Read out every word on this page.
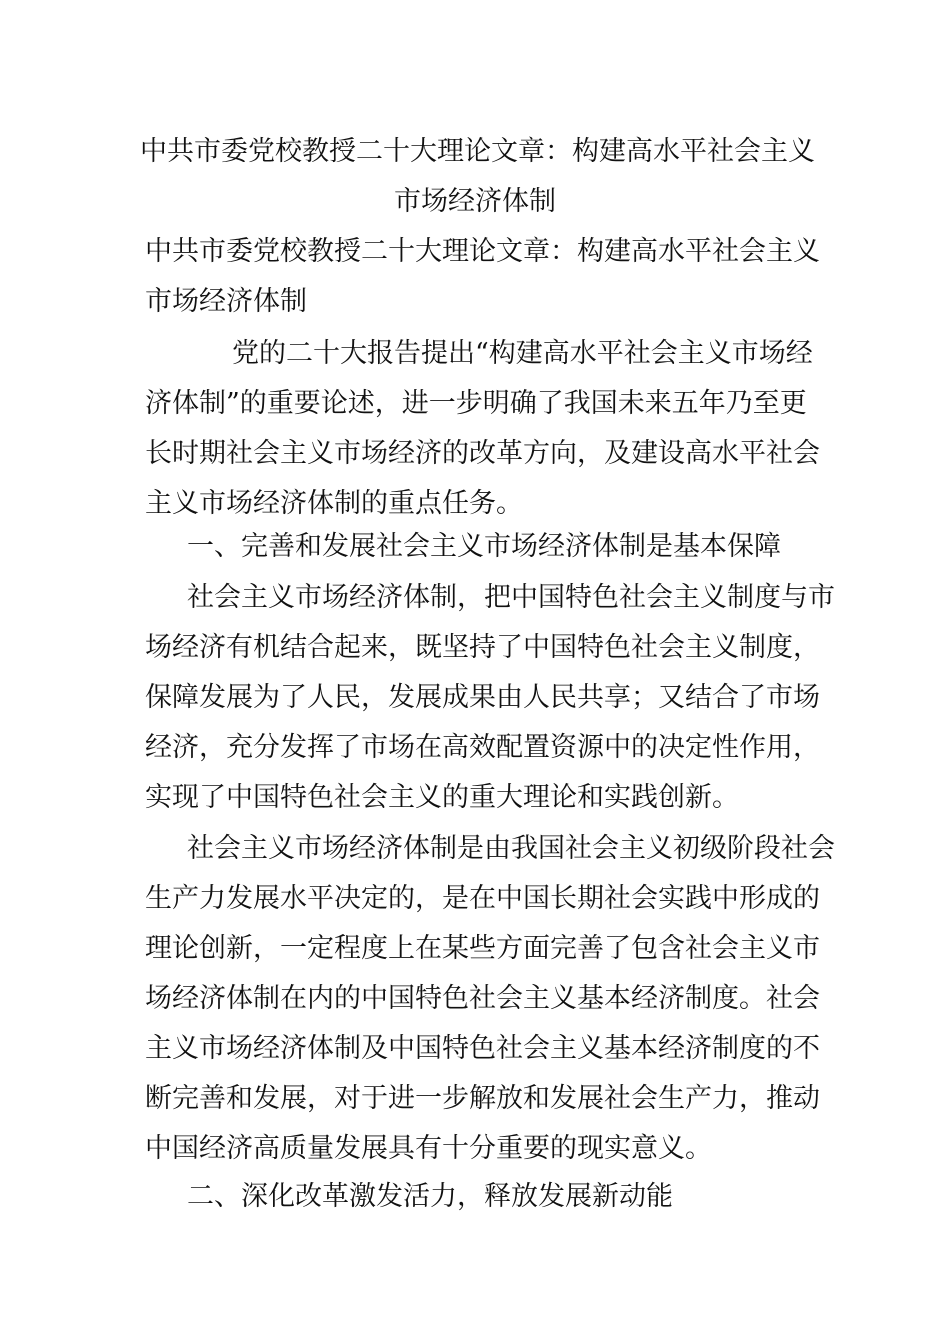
中共市委党校教授二十大理论文章：构建高水平社会主义
市场经济体制
中共市委党校教授二十大理论文章：构建高水平社会主义
市场经济体制
党的二十大报告提出“构建高水平社会主义市场经
济体制”的重要论述，进一步明确了我国未来五年乃至更
长时期社会主义市场经济的改革方向，及建设高水平社会
主义市场经济体制的重点任务。
一、完善和发展社会主义市场经济体制是基本保障
社会主义市场经济体制，把中国特色社会主义制度与市
场经济有机结合起来，既坚持了中国特色社会主义制度，
保障发展为了人民，发展成果由人民共享；又结合了市场
经济，充分发挥了市场在高效配置资源中的决定性作用，
实现了中国特色社会主义的重大理论和实践创新。
社会主义市场经济体制是由我国社会主义初级阶段社会
生产力发展水平决定的，是在中国长期社会实践中形成的
理论创新，一定程度上在某些方面完善了包含社会主义市
场经济体制在内的中国特色社会主义基本经济制度。社会
主义市场经济体制及中国特色社会主义基本经济制度的不
断完善和发展，对于进一步解放和发展社会生产力，推动
中国经济高质量发展具有十分重要的现实意义。
二、深化改革激发活力，释放发展新动能
